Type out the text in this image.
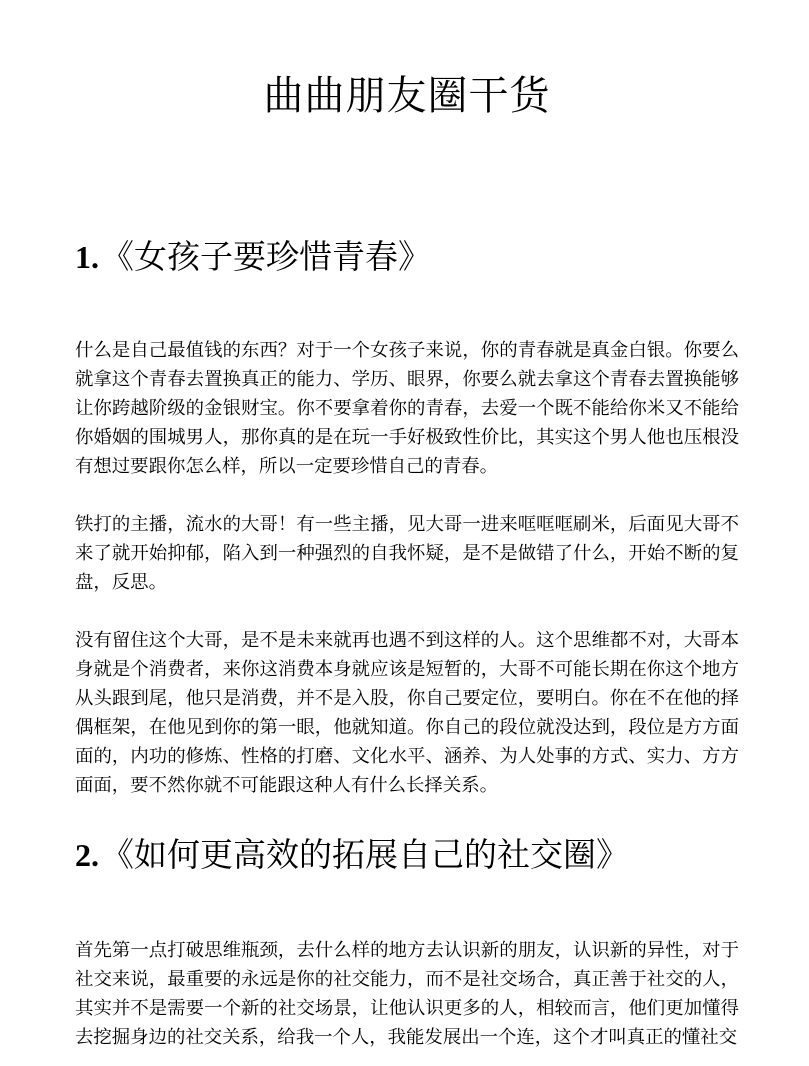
曲曲朋友圈干货
1.《女孩子要珍惜青春》

什么是自己最值钱的东西？对于一个女孩子来说，你的青春就是真金白银。你要么就拿这个青春去置换真正的能力、学历、眼界，你要么就去拿这个青春去置换能够让你跨越阶级的金银财宝。你不要拿着你的青春，去爱一个既不能给你米又不能给你婚姻的围城男人，那你真的是在玩一手好极致性价比，其实这个男人他也压根没有想过要跟你怎么样，所以一定要珍惜自己的青春。

铁打的主播，流水的大哥！有一些主播，见大哥一进来哐哐哐刷米，后面见大哥不来了就开始抑郁，陷入到一种强烈的自我怀疑，是不是做错了什么，开始不断的复盘，反思。

没有留住这个大哥，是不是未来就再也遇不到这样的人。这个思维都不对，大哥本身就是个消费者，来你这消费本身就应该是短暂的，大哥不可能长期在你这个地方从头跟到尾，他只是消费，并不是入股，你自己要定位，要明白。你在不在他的择偶框架，在他见到你的第一眼，他就知道。你自己的段位就没达到，段位是方方面面的，内功的修炼、性格的打磨、文化水平、涵养、为人处事的方式、实力、方方面面，要不然你就不可能跟这种人有什么长择关系。

2.《如何更高效的拓展自己的社交圈》

首先第一点打破思维瓶颈，去什么样的地方去认识新的朋友，认识新的异性，对于社交来说，最重要的永远是你的社交能力，而不是社交场合，真正善于社交的人，其实并不是需要一个新的社交场景，让他认识更多的人，相较而言，他们更加懂得去挖掘身边的社交关系，给我一个人，我能发展出一个连，这个才叫真正的懂社交
